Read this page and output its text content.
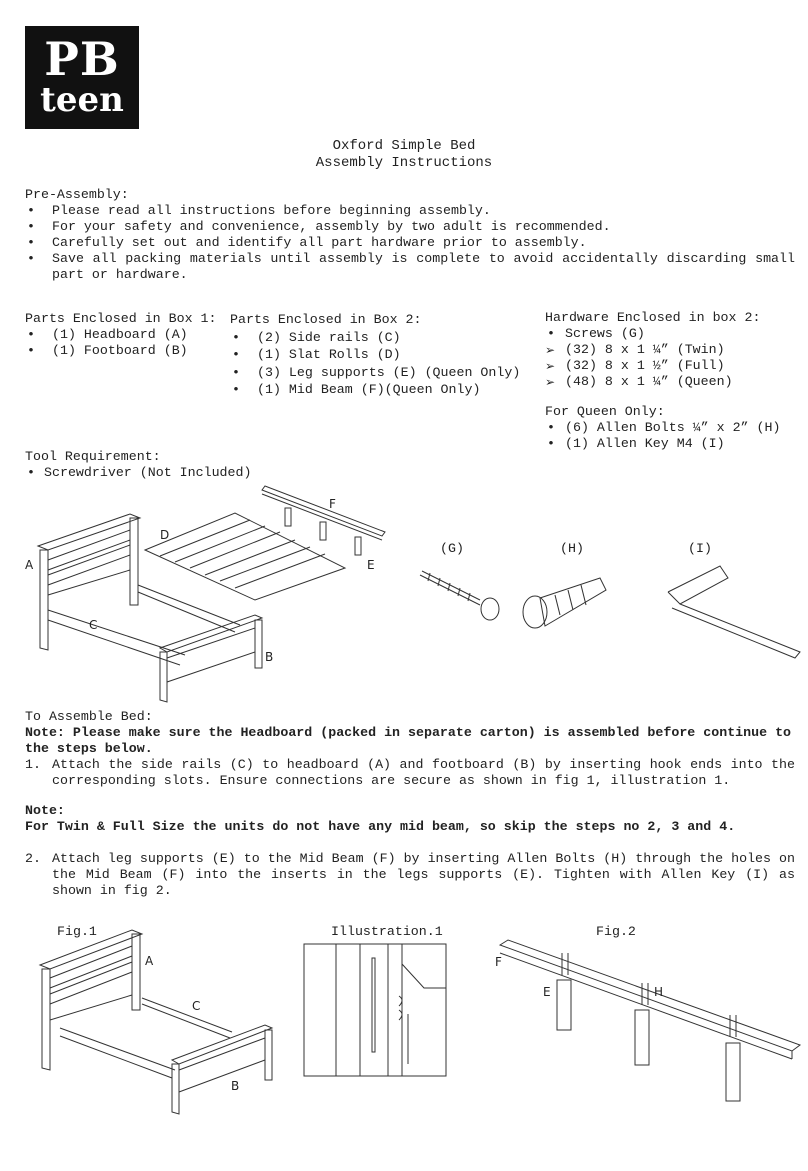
PB
teen
Oxford Simple Bed
Assembly Instructions
Pre-Assembly:
• Please read all instructions before beginning assembly.
• For your safety and convenience, assembly by two adult is recommended.
• Carefully set out and identify all part hardware prior to assembly.
• Save all packing materials until assembly is complete to avoid accidentally discarding small part or hardware.
Parts Enclosed in Box 1:
• (1) Headboard (A)
• (1) Footboard (B)
Parts Enclosed in Box 2:
• (2) Side rails (C)
• (1) Slat Rolls (D)
• (3) Leg supports (E) (Queen Only)
• (1) Mid Beam (F)(Queen Only)
Hardware Enclosed in box 2:
• Screws (G)
➢ (32) 8 x 1 ¼” (Twin)
➢ (32) 8 x 1 ½” (Full)
➢ (48) 8 x 1 ¼” (Queen)
For Queen Only:
• (6) Allen Bolts ¼” x 2” (H)
• (1) Allen Key M4 (I)
Tool Requirement:
• Screwdriver (Not Included)
A
C
B
D
E
F
(G)	(H)	(I)
To Assemble Bed:
Note: Please make sure the Headboard (packed in separate carton) is assembled before continue to the steps below.
1. Attach the side rails (C) to headboard (A) and footboard (B) by inserting hook ends into the corresponding slots. Ensure connections are secure as shown in fig 1, illustration 1.
Note:
For Twin & Full Size the units do not have any mid beam, so skip the steps no 2, 3 and 4.
2. Attach leg supports (E) to the Mid Beam (F) by inserting Allen Bolts (H) through the holes on the Mid Beam (F) into the inserts in the legs supports (E). Tighten with Allen Key (I) as shown in fig 2.
Fig.1	Illustration.1	Fig.2
A
C
B
F
E	H
